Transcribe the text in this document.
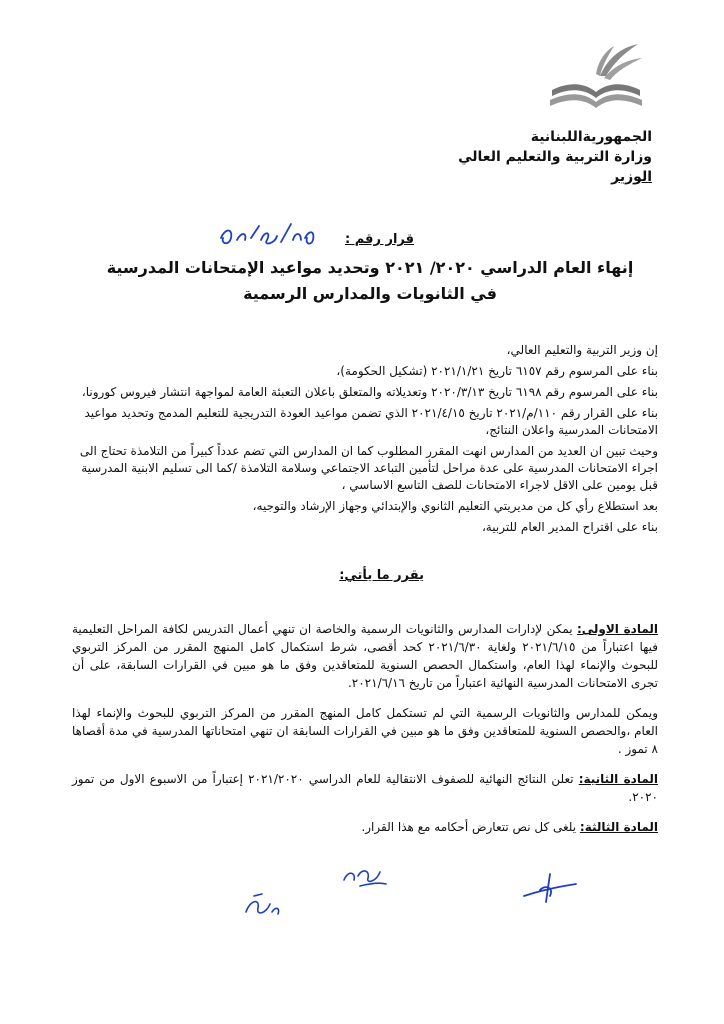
الجمهوريةاللبنانية
وزارة التربية والتعليم العالي
الوزير
قرار رقم :
إنهاء العام الدراسي ٢٠٢٠/ ٢٠٢١ وتحديد مواعيد الإمتحانات المدرسية
في الثانويات والمدارس الرسمية

إن وزير التربية والتعليم العالي،

بناء على المرسوم رقم ٦١٥٧ تاريخ ٢٠٢١/١/٢١ (تشكيل الحكومة)،

بناء على المرسوم رقم ٦١٩٨ تاريخ ٢٠٢٠/٣/١٣ وتعديلاته والمتعلق باعلان التعبئة العامة لمواجهة انتشار فيروس كورونا،

بناء على القرار رقم ١١٠/م/٢٠٢١ تاريخ ٢٠٢١/٤/١٥ الذي تضمن مواعيد العودة التدريجية للتعليم المدمج وتحديد مواعيد الامتحانات المدرسية واعلان النتائج،

وحيث تبين ان العديد من المدارس انهت المقرر المطلوب كما ان المدارس التي تضم عدداً كبيراً من التلامذة تحتاج الى اجراء الامتحانات المدرسية على عدة مراحل لتأمين التباعد الاجتماعي وسلامة التلامذة /كما الى تسليم الابنية المدرسية قبل يومين على الاقل لاجراء الامتحانات للصف التاسع الاساسي ،

بعد استطلاع رأي كل من مديريتي التعليم الثانوي والإبتدائي وجهاز الإرشاد والتوجيه،

بناء على اقتراح المدير العام للتربية،

يقرر ما يأتي:

المادة الاولى: يمكن لإدارات المدارس والثانويات الرسمية والخاصة ان تنهي أعمال التدريس لكافة المراحل التعليمية فيها اعتباراً من ٢٠٢١/٦/١٥ ولغاية ٢٠٢١/٦/٣٠ كحد أقصى، شرط استكمال كامل المنهج المقرر من المركز التربوي للبحوث والإنماء لهذا العام، واستكمال الحصص السنوية للمتعاقدين وفق ما هو مبين في القرارات السابقة، على أن تجرى الامتحانات المدرسية النهائية اعتباراً من تاريخ ٢٠٢١/٦/١٦.

ويمكن للمدارس والثانويات الرسمية التي لم تستكمل كامل المنهج المقرر من المركز التربوي للبحوث والإنماء لهذا العام ،والحصص السنوية للمتعاقدين وفق ما هو مبين في القرارات السابقة ان تنهي امتحاناتها المدرسية في مدة أقصاها ٨ تموز .

المادة الثانية: تعلن النتائج النهائية للصفوف الانتقالية للعام الدراسي ٢٠٢١/٢٠٢٠ إعتباراً من الاسبوع الاول من تموز ٢٠٢٠.

المادة الثالثة: يلغى كل نص تتعارض أحكامه مع هذا القرار.
